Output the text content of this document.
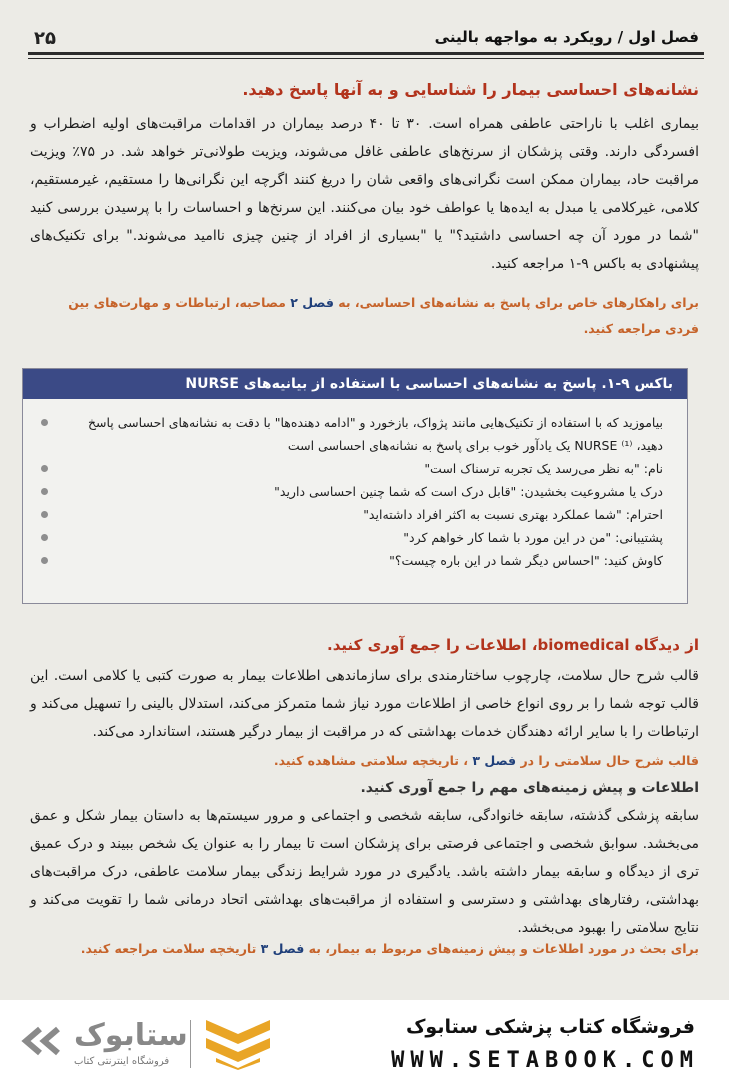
۲۵	فصل اول / رویکرد به مواجهه بالینی
نشانه‌های احساسی بیمار را شناسایی و به آنها پاسخ دهید.
بیماری اغلب با ناراحتی عاطفی همراه است. ۳۰ تا ۴۰ درصد بیماران در اقدامات مراقبت‌های اولیه اضطراب و افسردگی دارند. وقتی پزشکان از سرنخ‌های عاطفی غافل می‌شوند، ویزیت طولانی‌تر خواهد شد. در ۷۵٪ ویزیت مراقبت حاد، بیماران ممکن است نگرانی‌های واقعی شان را دریغ کنند اگرچه این نگرانی‌ها را مستقیم، غیرمستقیم، کلامی، غیرکلامی یا مبدل به ایده‌ها یا عواطف خود بیان می‌کنند. این سرنخ‌ها و احساسات را با پرسیدن بررسی کنید "شما در مورد آن چه احساسی داشتید؟" یا "بسیاری از افراد از چنین چیزی ناامید می‌شوند." برای تکنیک‌های پیشنهادی به باکس ۹-۱ مراجعه کنید.
برای راهکارهای خاص برای پاسخ به نشانه‌های احساسی، به فصل ۲ مصاحبه، ارتباطات و مهارت‌های بین فردی مراجعه کنید.
باکس ۹-۱. پاسخ به نشانه‌های احساسی با استفاده از بیانیه‌های NURSE
بیاموزید که با استفاده از تکنیک‌هایی مانند پژواک، بازخورد و "ادامه دهنده‌ها" با دقت به نشانه‌های احساسی پاسخ دهید، NURSE ⁽¹⁾ یک یادآور خوب برای پاسخ به نشانه‌های احساسی است
نام: "به نظر می‌رسد یک تجربه ترسناک است"
درک یا مشروعیت بخشیدن: "قابل درک است که شما چنین احساسی دارید"
احترام: "شما عملکرد بهتری نسبت به اکثر افراد داشته‌اید"
پشتیبانی: "من در این مورد با شما کار خواهم کرد"
کاوش کنید: "احساس دیگر شما در این باره چیست؟"
از دیدگاه biomedical، اطلاعات را جمع آوری کنید.
قالب شرح حال سلامت، چارچوب ساختارمندی برای سازماندهی اطلاعات بیمار به صورت کتبی یا کلامی است. این قالب توجه شما را بر روی انواع خاصی از اطلاعات مورد نیاز شما متمرکز می‌کند، استدلال بالینی را تسهیل می‌کند و ارتباطات را با سایر ارائه دهندگان خدمات بهداشتی که در مراقبت از بیمار درگیر هستند، استاندارد می‌کند.
قالب شرح حال سلامتی را در فصل ۳ ، تاریخچه سلامتی مشاهده کنید.
اطلاعات و پیش زمینه‌های مهم را جمع آوری کنید.
سابقه پزشکی گذشته، سابقه خانوادگی، سابقه شخصی و اجتماعی و مرور سیستم‌ها به داستان بیمار شکل و عمق می‌بخشد. سوابق شخصی و اجتماعی فرصتی برای پزشکان است تا بیمار را به عنوان یک شخص ببیند و درک عمیق تری از دیدگاه و سابقه بیمار داشته باشد. یادگیری در مورد شرایط زندگی بیمار سلامت عاطفی، درک مراقبت‌های بهداشتی، رفتارهای بهداشتی و دسترسی و استفاده از مراقبت‌های بهداشتی اتحاد درمانی شما را تقویت می‌کند و نتایج سلامتی را بهبود می‌بخشد.
برای بحث در مورد اطلاعات و پیش زمینه‌های مربوط به بیمار، به فصل ۳ تاریخچه سلامت مراجعه کنید.
ستابوک
فروشگاه اینترنتی کتاب
فروشگاه کتاب پزشکی ستابوک
WWW.SETABOOK.COM
